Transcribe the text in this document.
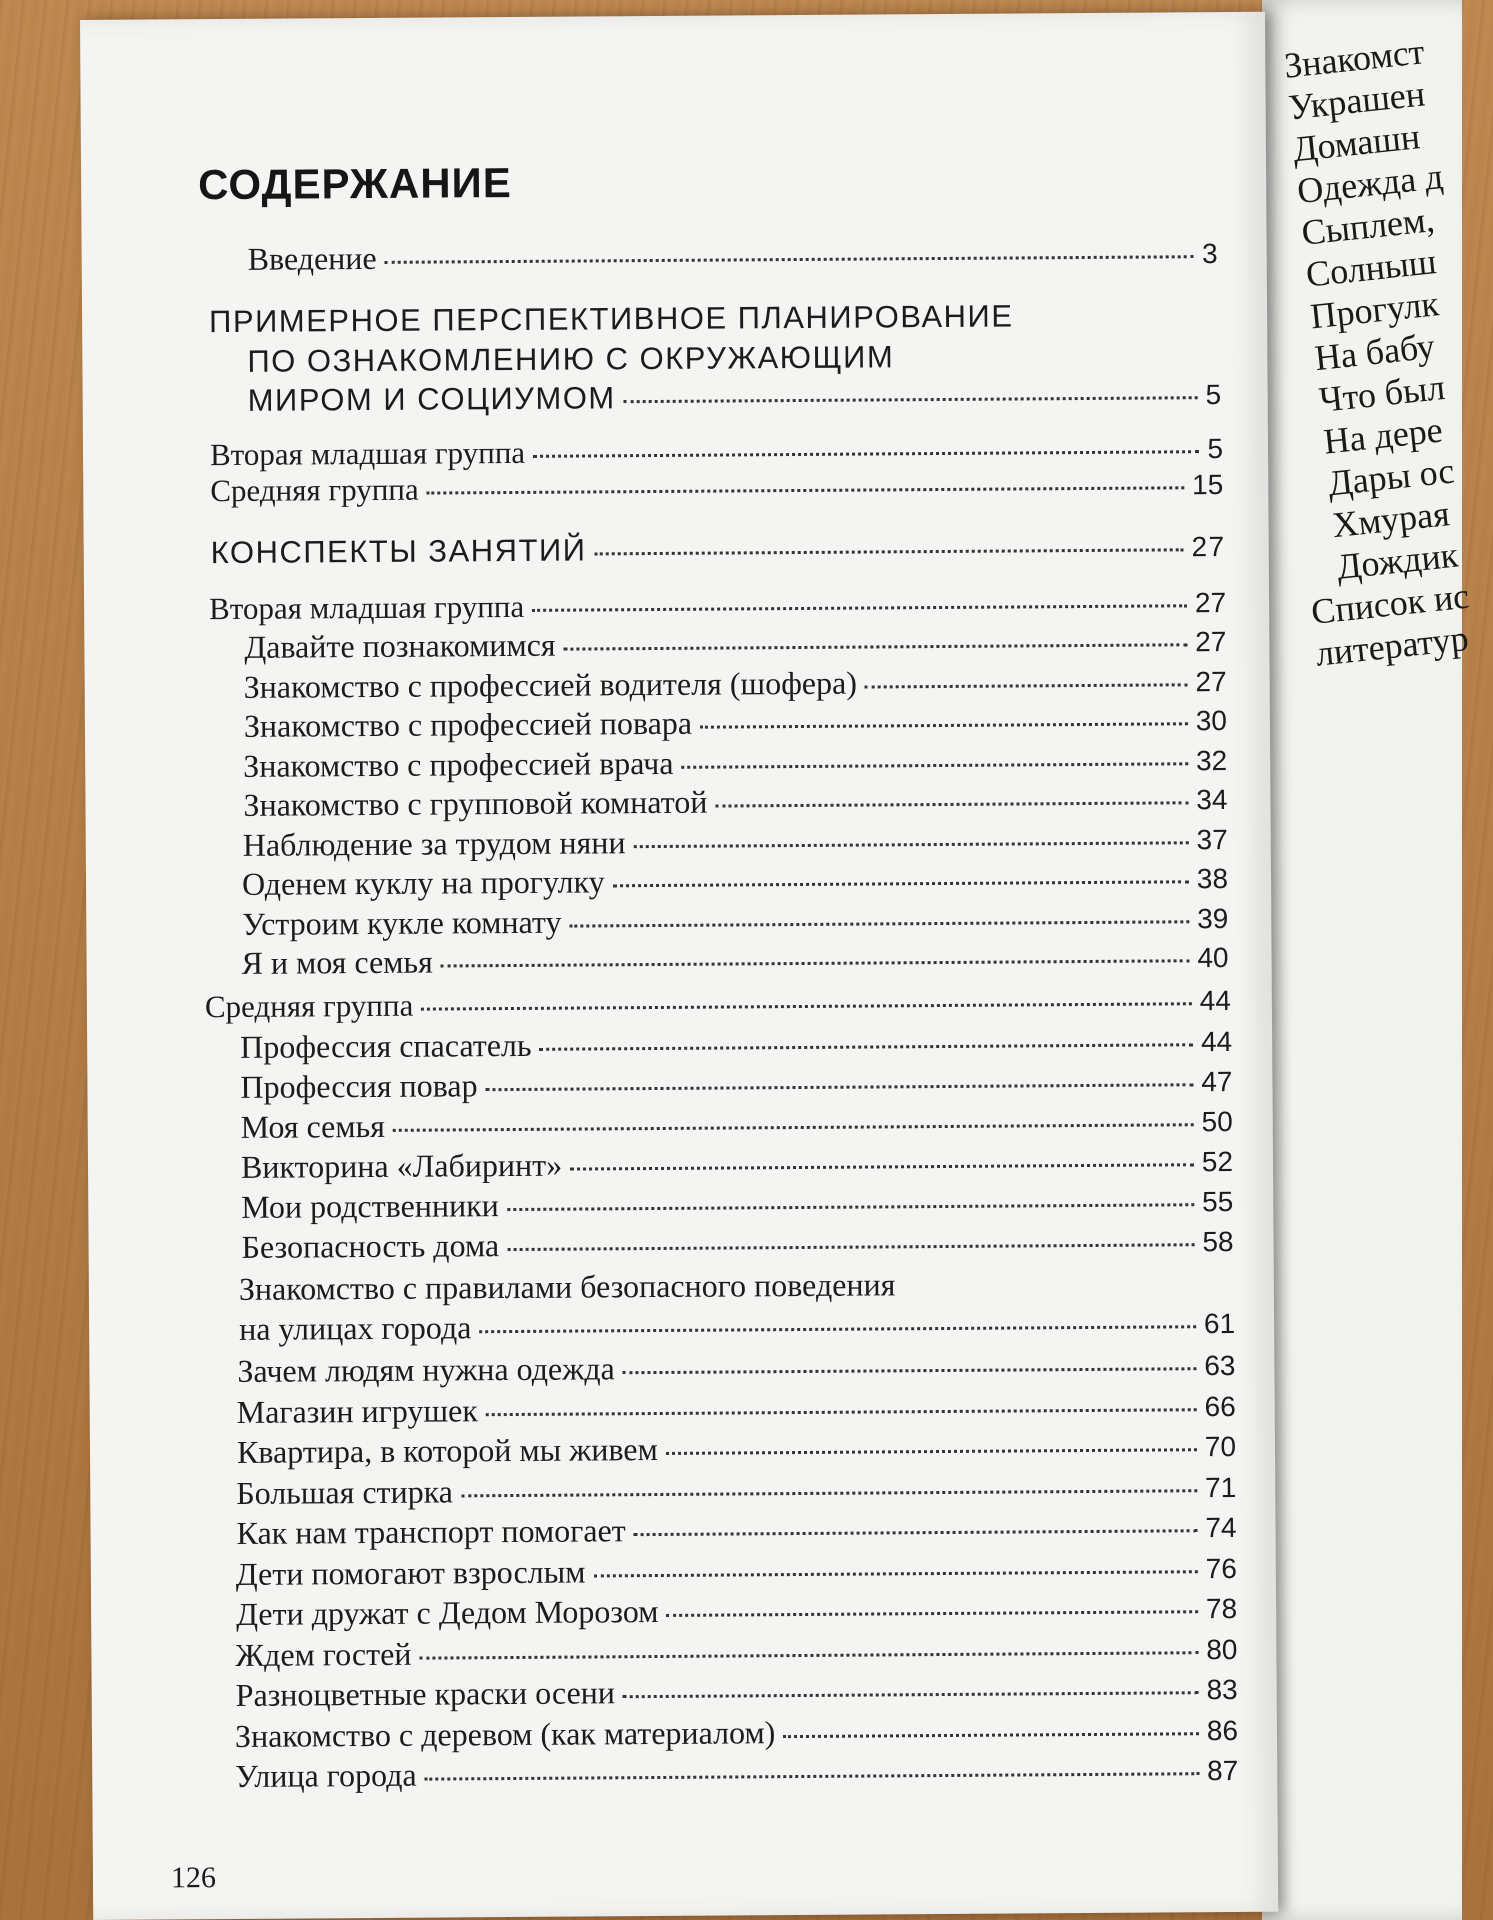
Знакомст
Украшен
Домашн
Одежда д
Сыплем,
Солныш
Прогулк
На бабу
Что был
На дере
Дары ос
Хмурая
Дождик
Список ис
литератур
СОДЕРЖАНИЕ
Введение	3
ПРИМЕРНОЕ ПЕРСПЕКТИВНОЕ ПЛАНИРОВАНИЕ
ПО ОЗНАКОМЛЕНИЮ С ОКРУЖАЮЩИМ
МИРОМ И СОЦИУМОМ	5
Вторая младшая группа	5
Средняя группа	15
КОНСПЕКТЫ ЗАНЯТИЙ	27
Вторая младшая группа	27
Давайте познакомимся	27
Знакомство с профессией водителя (шофера)	27
Знакомство с профессией повара	30
Знакомство с профессией врача	32
Знакомство с групповой комнатой	34
Наблюдение за трудом няни	37
Оденем куклу на прогулку	38
Устроим кукле комнату	39
Я и моя семья	40
Средняя группа	44
Профессия спасатель	44
Профессия повар	47
Моя семья	50
Викторина «Лабиринт»	52
Мои родственники	55
Безопасность дома	58
Знакомство с правилами безопасного поведения
на улицах города	61
Зачем людям нужна одежда	63
Магазин игрушек	66
Квартира, в которой мы живем	70
Большая стирка	71
Как нам транспорт помогает	74
Дети помогают взрослым	76
Дети дружат с Дедом Морозом	78
Ждем гостей	80
Разноцветные краски осени	83
Знакомство с деревом (как материалом)	86
Улица города	87
126
